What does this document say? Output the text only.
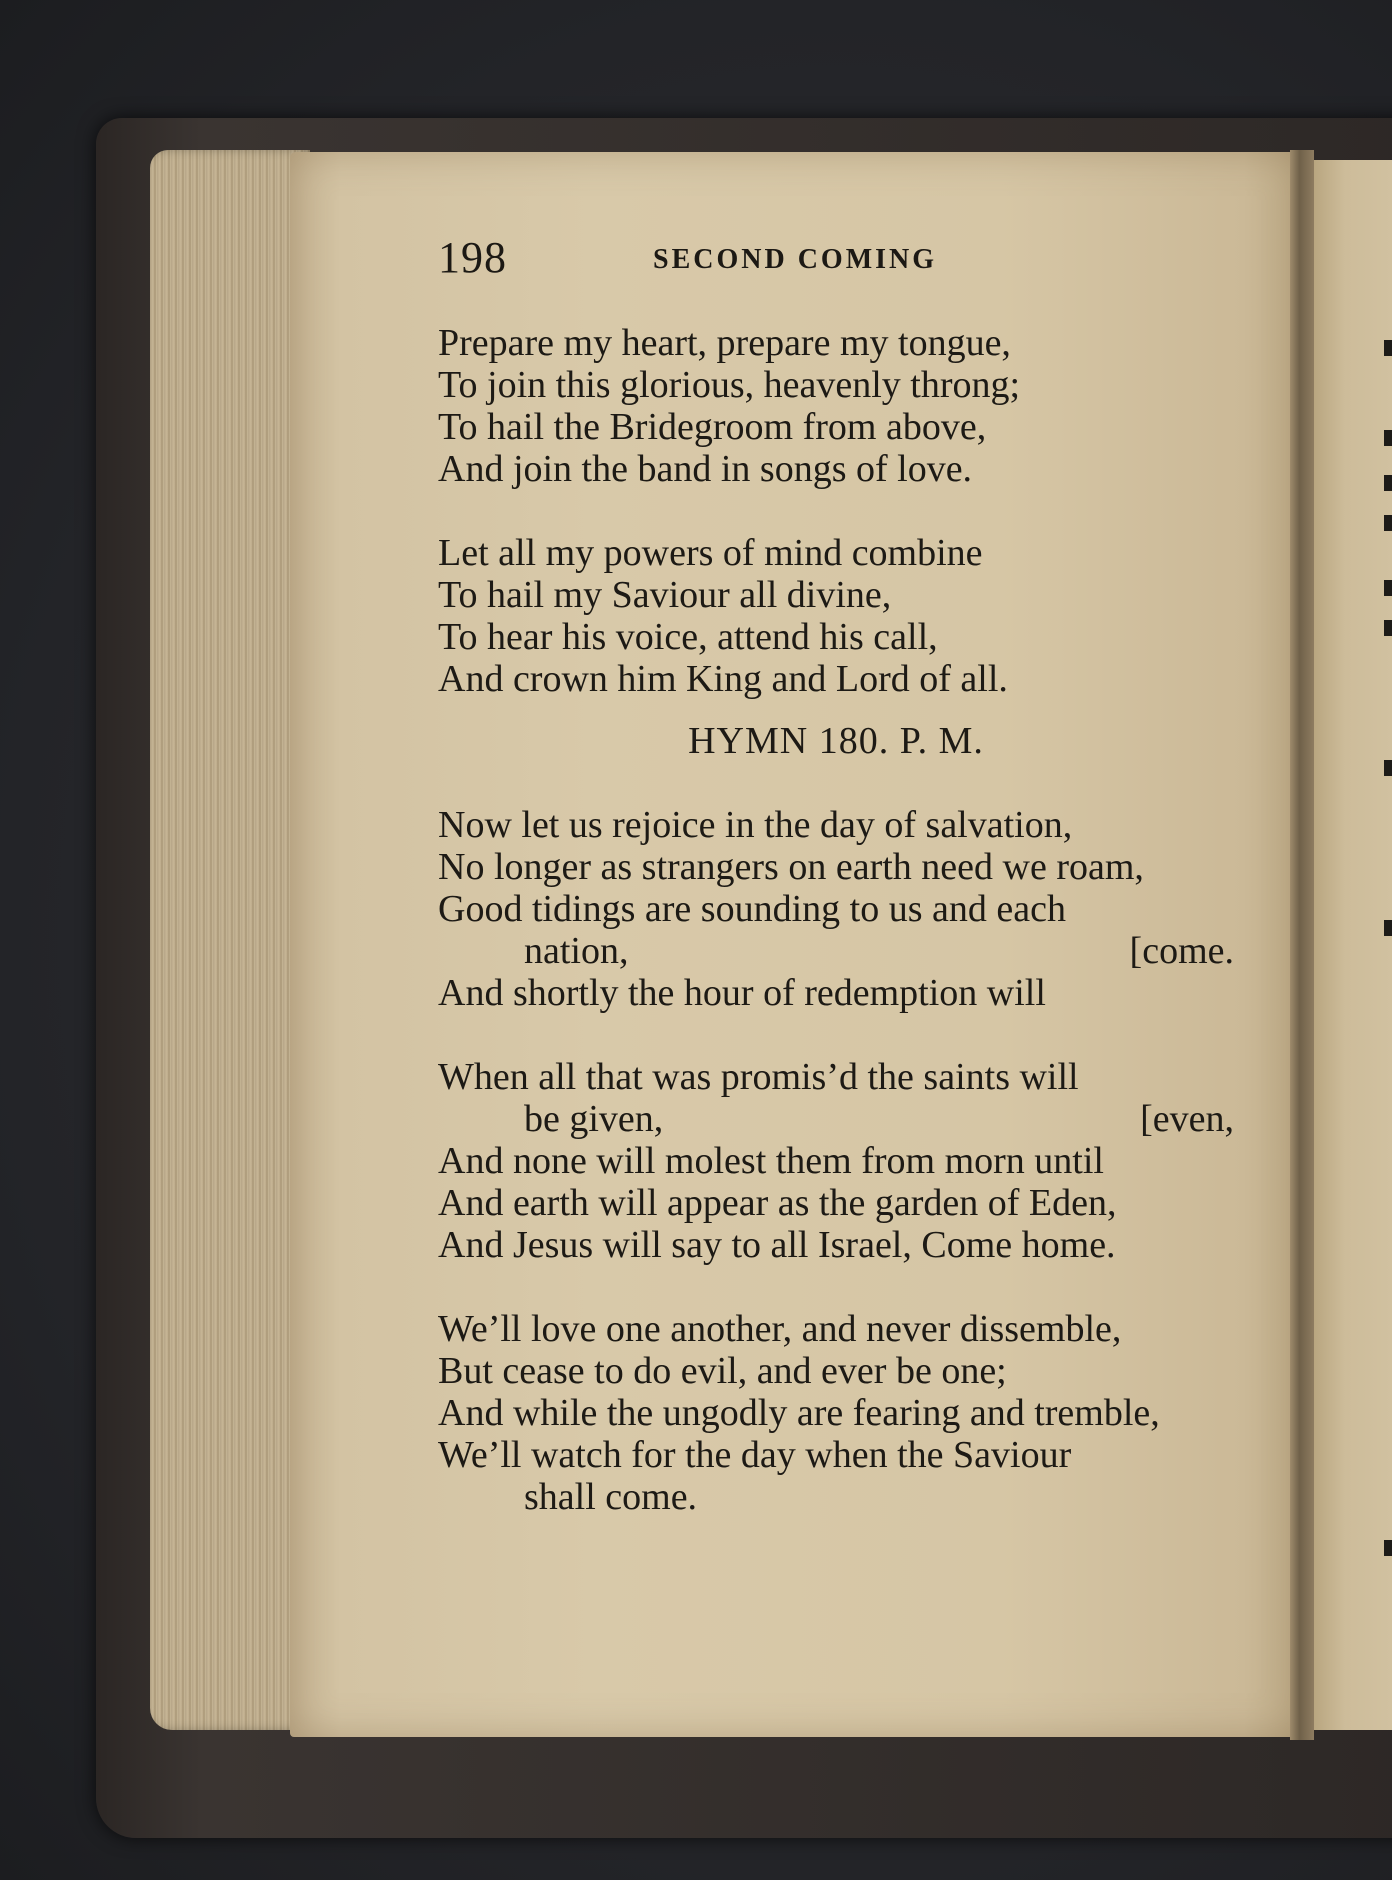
198	SECOND COMING
Prepare my heart, prepare my tongue,
To join this glorious, heavenly throng;
To hail the Bridegroom from above,
And join the band in songs of love.
Let all my powers of mind combine
To hail my Saviour all divine,
To hear his voice, attend his call,
And crown him King and Lord of all.
HYMN 180. P. M.
Now let us rejoice in the day of salvation,
No longer as strangers on earth need we roam,
Good tidings are sounding to us and each
nation,	[come.
And shortly the hour of redemption will
When all that was promis’d the saints will
be given,	[even,
And none will molest them from morn until
And earth will appear as the garden of Eden,
And Jesus will say to all Israel, Come home.
We’ll love one another, and never dissemble,
But cease to do evil, and ever be one;
And while the ungodly are fearing and tremble,
We’ll watch for the day when the Saviour
shall come.
